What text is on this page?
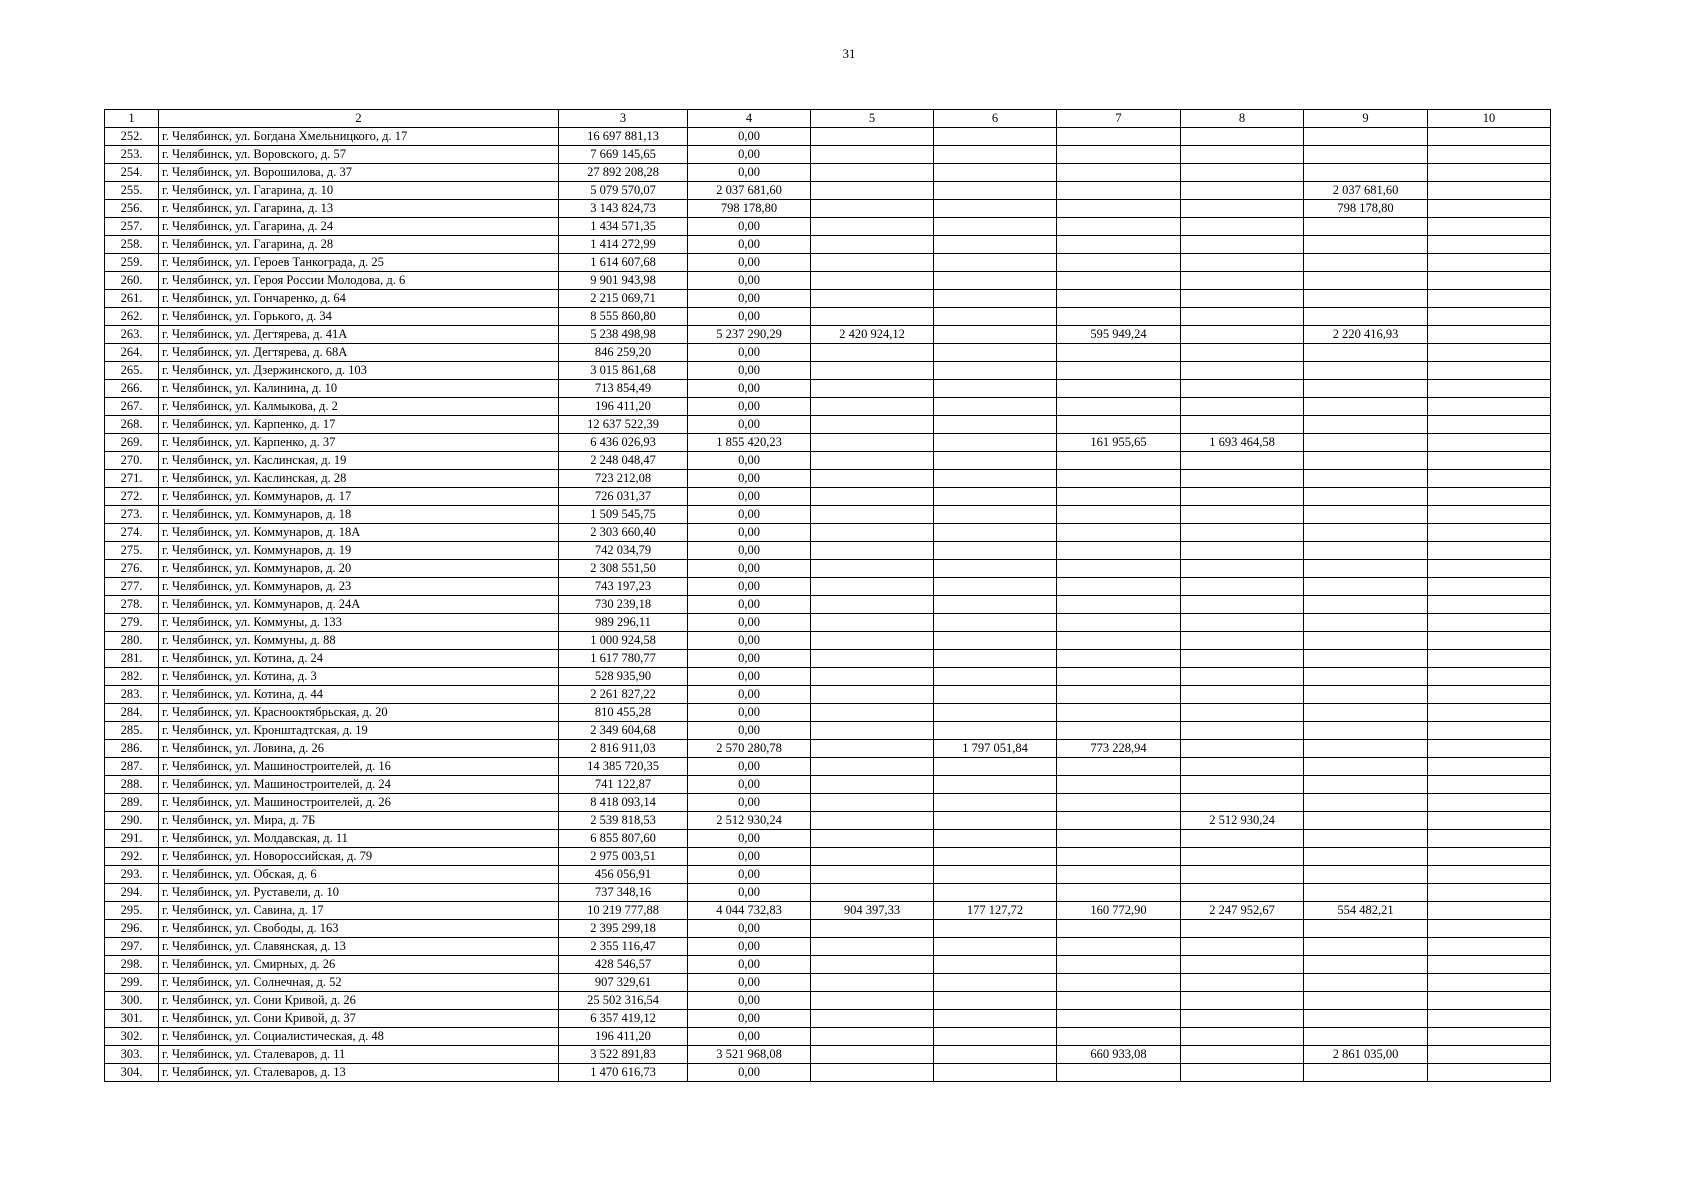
31
1	2	3	4	5	6	7	8	9	10
252.	г. Челябинск, ул. Богдана Хмельницкого, д. 17	16 697 881,13	0,00						
253.	г. Челябинск, ул. Воровского, д. 57	7 669 145,65	0,00						
254.	г. Челябинск, ул. Ворошилова, д. 37	27 892 208,28	0,00						
255.	г. Челябинск, ул. Гагарина, д. 10	5 079 570,07	2 037 681,60					2 037 681,60	
256.	г. Челябинск, ул. Гагарина, д. 13	3 143 824,73	798 178,80					798 178,80	
257.	г. Челябинск, ул. Гагарина, д. 24	1 434 571,35	0,00						
258.	г. Челябинск, ул. Гагарина, д. 28	1 414 272,99	0,00						
259.	г. Челябинск, ул. Героев Танкограда, д. 25	1 614 607,68	0,00						
260.	г. Челябинск, ул. Героя России Молодова, д. 6	9 901 943,98	0,00						
261.	г. Челябинск, ул. Гончаренко, д. 64	2 215 069,71	0,00						
262.	г. Челябинск, ул. Горького, д. 34	8 555 860,80	0,00						
263.	г. Челябинск, ул. Дегтярева, д. 41А	5 238 498,98	5 237 290,29	2 420 924,12		595 949,24		2 220 416,93	
264.	г. Челябинск, ул. Дегтярева, д. 68А	846 259,20	0,00						
265.	г. Челябинск, ул. Дзержинского, д. 103	3 015 861,68	0,00						
266.	г. Челябинск, ул. Калинина, д. 10	713 854,49	0,00						
267.	г. Челябинск, ул. Калмыкова, д. 2	196 411,20	0,00						
268.	г. Челябинск, ул. Карпенко, д. 17	12 637 522,39	0,00						
269.	г. Челябинск, ул. Карпенко, д. 37	6 436 026,93	1 855 420,23			161 955,65	1 693 464,58		
270.	г. Челябинск, ул. Каслинская, д. 19	2 248 048,47	0,00						
271.	г. Челябинск, ул. Каслинская, д. 28	723 212,08	0,00						
272.	г. Челябинск, ул. Коммунаров, д. 17	726 031,37	0,00						
273.	г. Челябинск, ул. Коммунаров, д. 18	1 509 545,75	0,00						
274.	г. Челябинск, ул. Коммунаров, д. 18А	2 303 660,40	0,00						
275.	г. Челябинск, ул. Коммунаров, д. 19	742 034,79	0,00						
276.	г. Челябинск, ул. Коммунаров, д. 20	2 308 551,50	0,00						
277.	г. Челябинск, ул. Коммунаров, д. 23	743 197,23	0,00						
278.	г. Челябинск, ул. Коммунаров, д. 24А	730 239,18	0,00						
279.	г. Челябинск, ул. Коммуны, д. 133	989 296,11	0,00						
280.	г. Челябинск, ул. Коммуны, д. 88	1 000 924,58	0,00						
281.	г. Челябинск, ул. Котина, д. 24	1 617 780,77	0,00						
282.	г. Челябинск, ул. Котина, д. 3	528 935,90	0,00						
283.	г. Челябинск, ул. Котина, д. 44	2 261 827,22	0,00						
284.	г. Челябинск, ул. Краснооктябрьская, д. 20	810 455,28	0,00						
285.	г. Челябинск, ул. Кронштадтская, д. 19	2 349 604,68	0,00						
286.	г. Челябинск, ул. Ловина, д. 26	2 816 911,03	2 570 280,78		1 797 051,84	773 228,94			
287.	г. Челябинск, ул. Машиностроителей, д. 16	14 385 720,35	0,00						
288.	г. Челябинск, ул. Машиностроителей, д. 24	741 122,87	0,00						
289.	г. Челябинск, ул. Машиностроителей, д. 26	8 418 093,14	0,00						
290.	г. Челябинск, ул. Мира, д. 7Б	2 539 818,53	2 512 930,24				2 512 930,24		
291.	г. Челябинск, ул. Молдавская, д. 11	6 855 807,60	0,00						
292.	г. Челябинск, ул. Новороссийская, д. 79	2 975 003,51	0,00						
293.	г. Челябинск, ул. Обская, д. 6	456 056,91	0,00						
294.	г. Челябинск, ул. Руставели, д. 10	737 348,16	0,00						
295.	г. Челябинск, ул. Савина, д. 17	10 219 777,88	4 044 732,83	904 397,33	177 127,72	160 772,90	2 247 952,67	554 482,21	
296.	г. Челябинск, ул. Свободы, д. 163	2 395 299,18	0,00						
297.	г. Челябинск, ул. Славянская, д. 13	2 355 116,47	0,00						
298.	г. Челябинск, ул. Смирных, д. 26	428 546,57	0,00						
299.	г. Челябинск, ул. Солнечная, д. 52	907 329,61	0,00						
300.	г. Челябинск, ул. Сони Кривой, д. 26	25 502 316,54	0,00						
301.	г. Челябинск, ул. Сони Кривой, д. 37	6 357 419,12	0,00						
302.	г. Челябинск, ул. Социалистическая, д. 48	196 411,20	0,00						
303.	г. Челябинск, ул. Сталеваров, д. 11	3 522 891,83	3 521 968,08			660 933,08		2 861 035,00	
304.	г. Челябинск, ул. Сталеваров, д. 13	1 470 616,73	0,00						
